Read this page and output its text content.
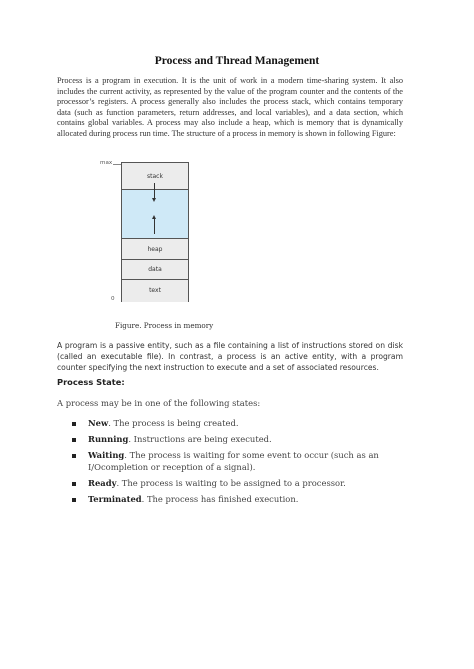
Process and Thread Management

Process is a program in execution. It is the unit of work in a modern time-sharing system. It also includes the current activity, as represented by the value of the program counter and the contents of the processor’s registers. A process generally also includes the process stack, which contains temporary data (such as function parameters, return addresses, and local variables), and a data section, which contains global variables. A process may also include a heap, which is memory that is dynamically allocated during process run time. The structure of a process in memory is shown in following Figure:

max
0
stack
heap
data
text
Figure. Process in memory

A program is a passive entity, such as a file containing a list of instructions stored on disk (called an executable file). In contrast, a process is an active entity, with a program counter specifying the next instruction to execute and a set of associated resources.

Process State:
A process may be in one of the following states:
New. The process is being created.
Running. Instructions are being executed.
Waiting. The process is waiting for some event to occur (such as an I/Ocompletion or reception of a signal).
Ready. The process is waiting to be assigned to a processor.
Terminated. The process has finished execution.
